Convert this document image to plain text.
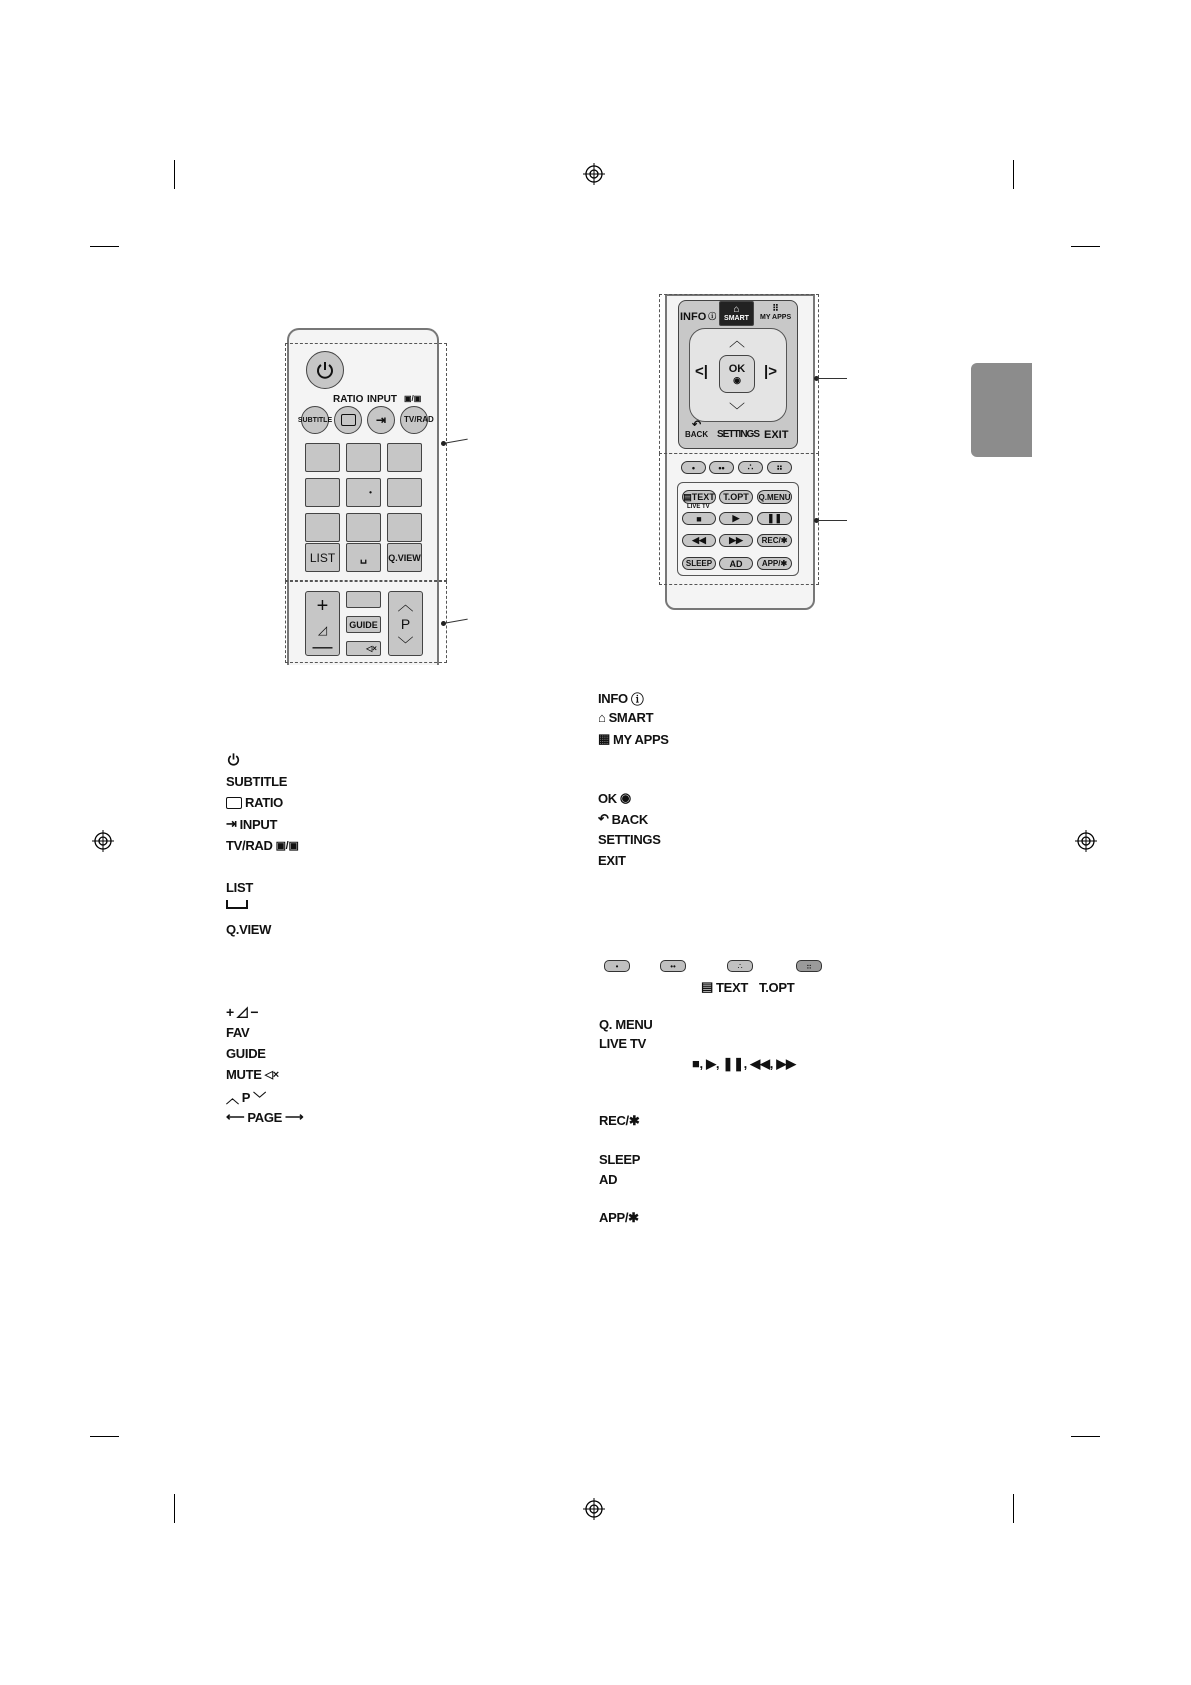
RATIO INPUT ▣/▣
SUBTITLE	⇥ TV/RAD
•
LIST ␣ Q.VIEW
+
◿
—
GUIDE
◁×
︿
P
﹀
INFO ⓘ
⌂
SMART
⠿
MY APPS
︿
﹀
<|	|>
OK
◉
↶
BACK SETTINGS EXIT
•	••	∴	⠶
▤ TEXT T.OPT Q.MENU
LIVE TV
■	▶	❚❚
◀◀	▶▶ REC/✱
SLEEP AD APP/✱
SUBTITLE
RATIO
⇥ INPUT
TV/RAD ▣/▣
LIST
Q.VIEW
+ ◿ −
FAV
GUIDE
MUTE ◁×
︿ P ﹀
⟵ PAGE ⟶
INFO ⓘ
⌂ SMART
▦ MY APPS
OK ◉
↶ BACK
SETTINGS
EXIT
•	••	∴	⠶
▤ TEXT T.OPT
Q. MENU
LIVE TV
■, ▶, ❚❚, ◀◀, ▶▶
REC/✱
SLEEP
AD
APP/✱
